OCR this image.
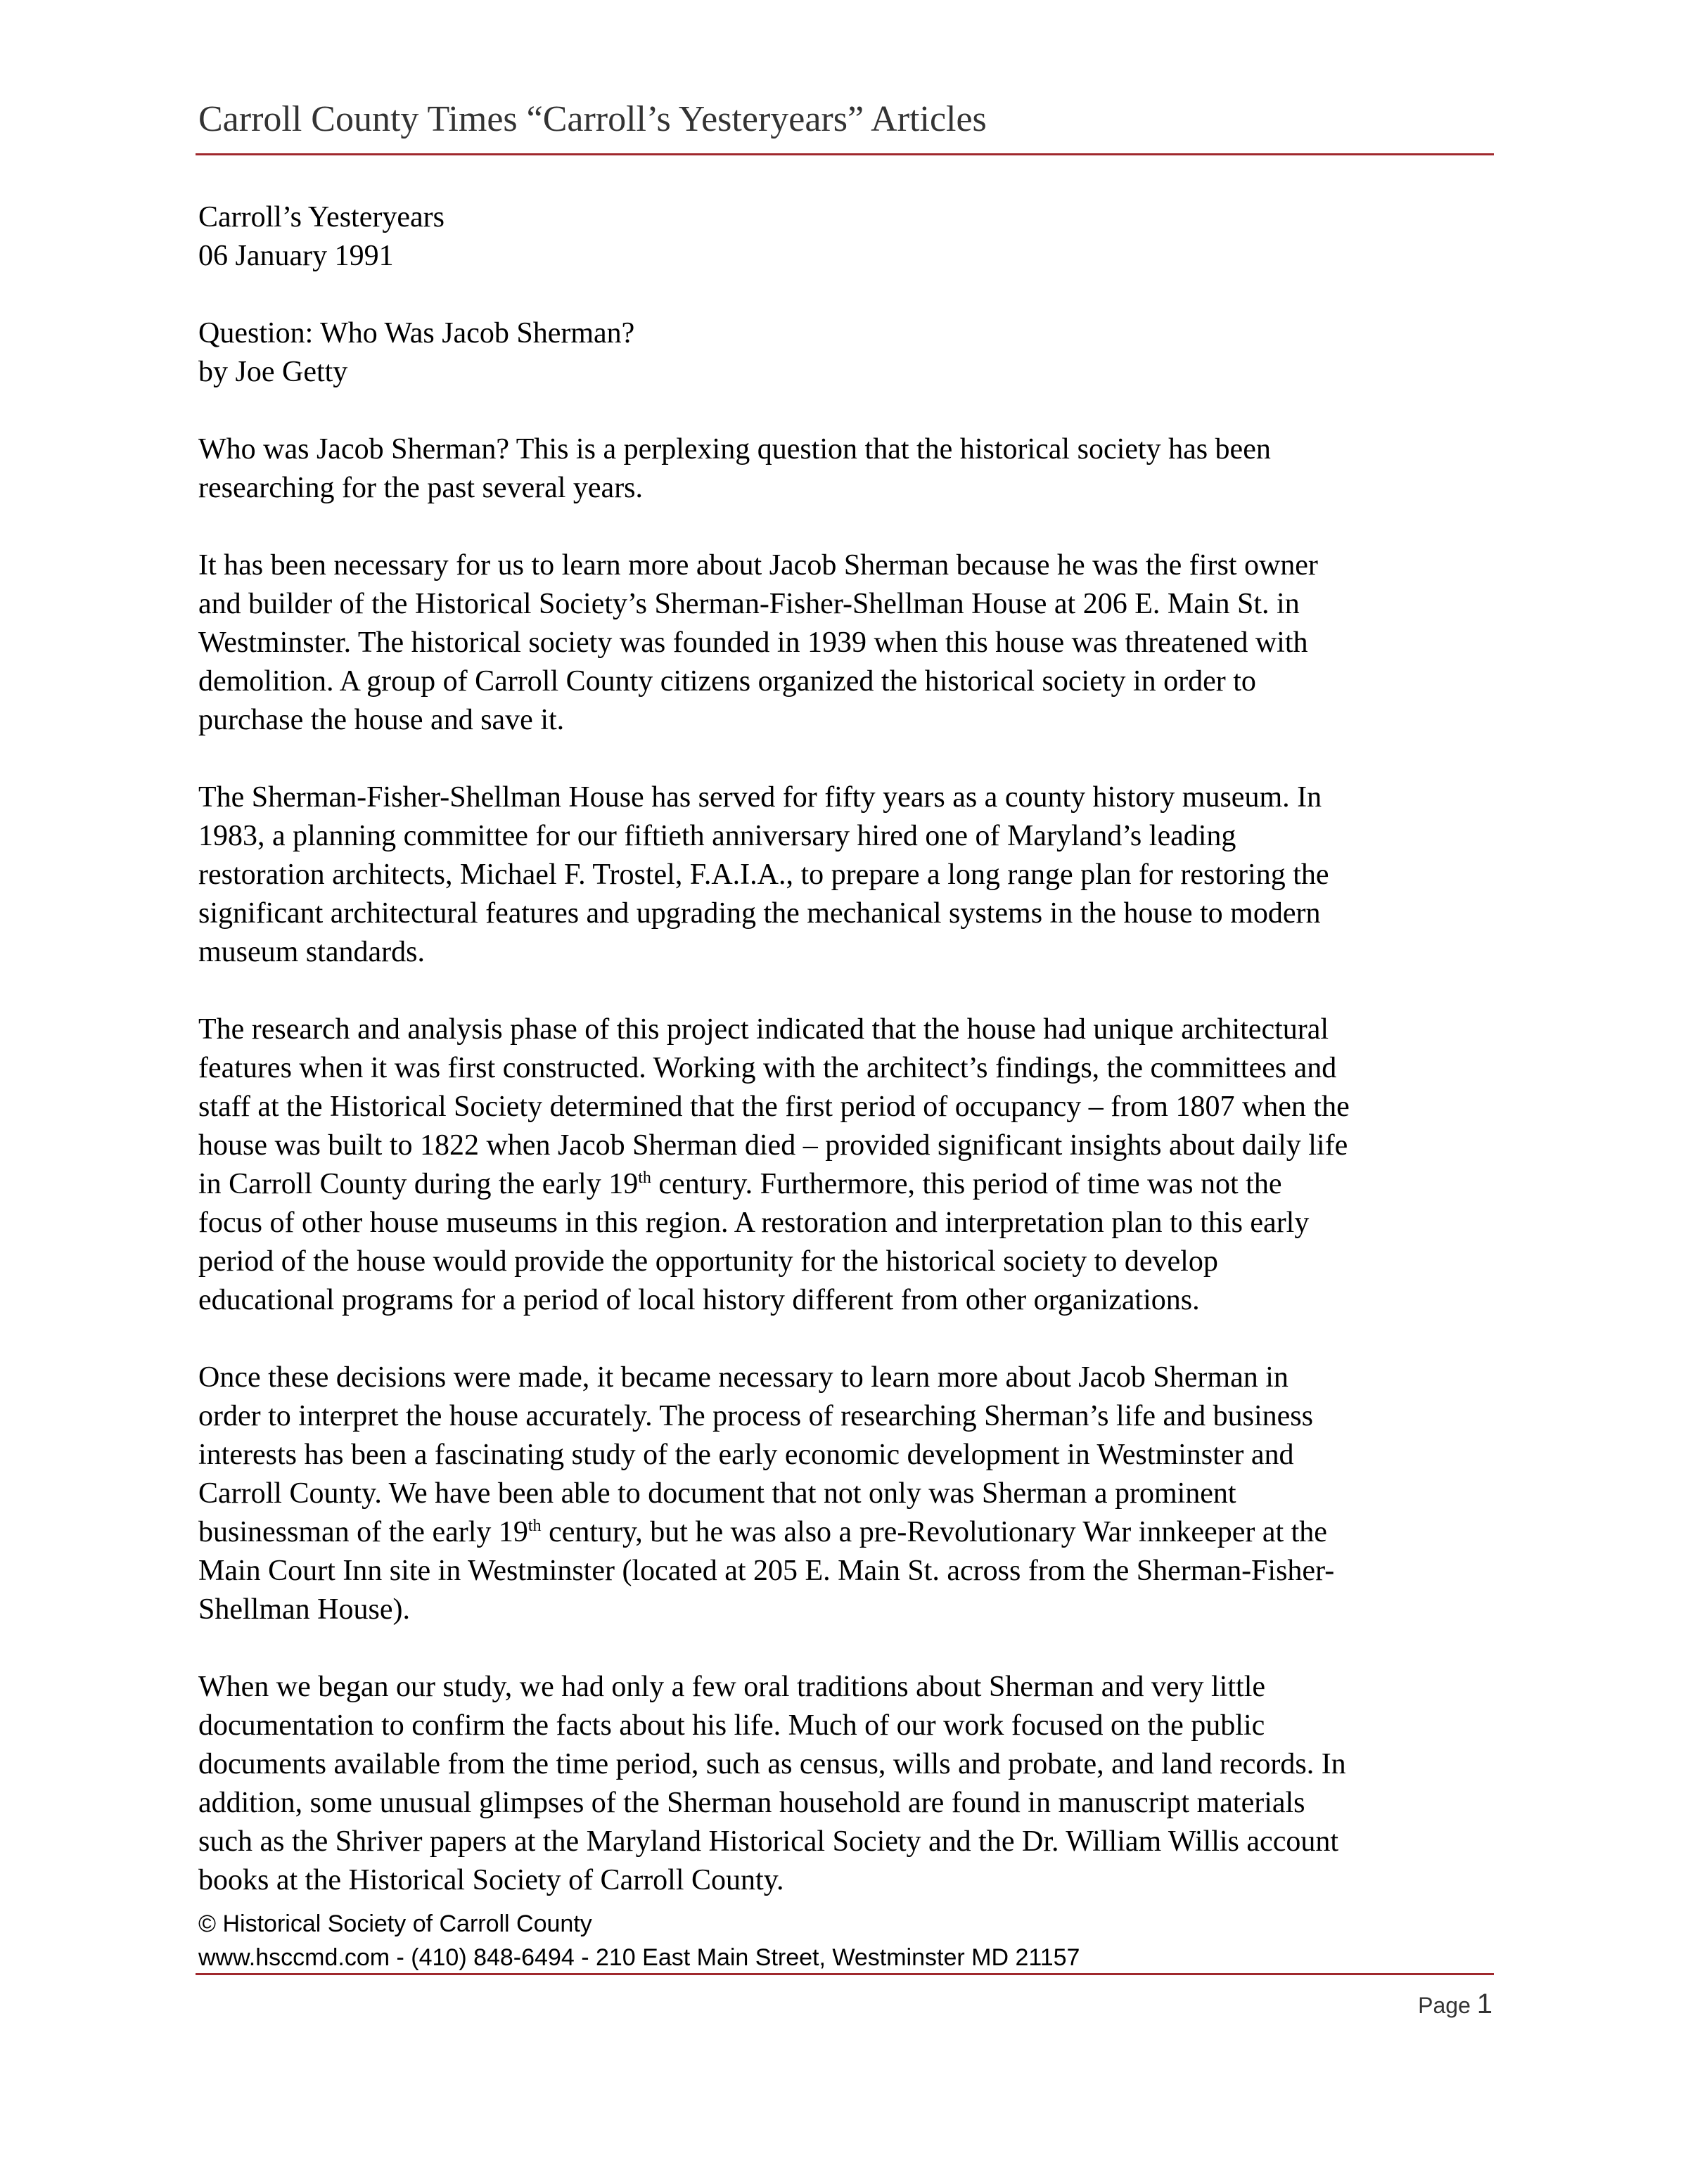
Carroll County Times “Carroll’s Yesteryears” Articles

Carroll’s Yesteryears
06 January 1991

Question: Who Was Jacob Sherman?
by Joe Getty

Who was Jacob Sherman? This is a perplexing question that the historical society has been
researching for the past several years.

It has been necessary for us to learn more about Jacob Sherman because he was the first owner
and builder of the Historical Society’s Sherman-Fisher-Shellman House at 206 E. Main St. in
Westminster. The historical society was founded in 1939 when this house was threatened with
demolition. A group of Carroll County citizens organized the historical society in order to
purchase the house and save it.

The Sherman-Fisher-Shellman House has served for fifty years as a county history museum. In
1983, a planning committee for our fiftieth anniversary hired one of Maryland’s leading
restoration architects, Michael F. Trostel, F.A.I.A., to prepare a long range plan for restoring the
significant architectural features and upgrading the mechanical systems in the house to modern
museum standards.

The research and analysis phase of this project indicated that the house had unique architectural
features when it was first constructed. Working with the architect’s findings, the committees and
staff at the Historical Society determined that the first period of occupancy – from 1807 when the
house was built to 1822 when Jacob Sherman died – provided significant insights about daily life
in Carroll County during the early 19th century. Furthermore, this period of time was not the
focus of other house museums in this region. A restoration and interpretation plan to this early
period of the house would provide the opportunity for the historical society to develop
educational programs for a period of local history different from other organizations.

Once these decisions were made, it became necessary to learn more about Jacob Sherman in
order to interpret the house accurately. The process of researching Sherman’s life and business
interests has been a fascinating study of the early economic development in Westminster and
Carroll County. We have been able to document that not only was Sherman a prominent
businessman of the early 19th century, but he was also a pre-Revolutionary War innkeeper at the
Main Court Inn site in Westminster (located at 205 E. Main St. across from the Sherman-Fisher-
Shellman House).

When we began our study, we had only a few oral traditions about Sherman and very little
documentation to confirm the facts about his life. Much of our work focused on the public
documents available from the time period, such as census, wills and probate, and land records. In
addition, some unusual glimpses of the Sherman household are found in manuscript materials
such as the Shriver papers at the Maryland Historical Society and the Dr. William Willis account
books at the Historical Society of Carroll County.

© Historical Society of Carroll County
www.hsccmd.com - (410) 848-6494 - 210 East Main Street, Westminster MD 21157
Page 1
